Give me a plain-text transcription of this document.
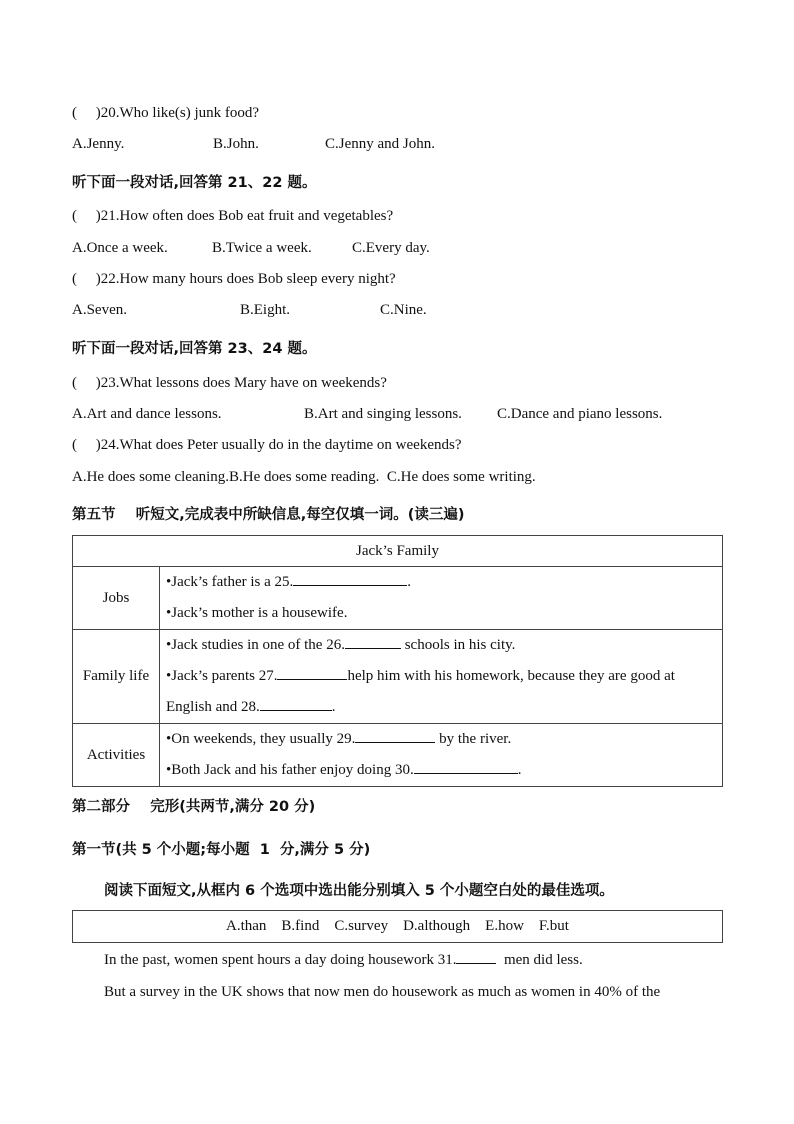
(     )20.Who like(s) junk food?
A.Jenny.	B.John.	C.Jenny and John.
听下面一段对话,回答第 21、22 题。
(     )21.How often does Bob eat fruit and vegetables?
A.Once a week.	B.Twice a week.	C.Every day.
(     )22.How many hours does Bob sleep every night?
A.Seven.	B.Eight.	C.Nine.
听下面一段对话,回答第 23、24 题。
(     )23.What lessons does Mary have on weekends?
A.Art and dance lessons.	B.Art and singing lessons. C.Dance and piano lessons.
(     )24.What does Peter usually do in the daytime on weekends?
A.He does some cleaning.B.He does some reading.  C.He does some writing.
第五节    听短文,完成表中所缺信息,每空仅填一词。(读三遍)
Jack’s Family	
Jobs	•Jack’s father is a 25. .
•Jack’s mother is a housewife.

Family life	•Jack studies in one of the 26. schools in his city.
•Jack’s parents 27. help him with his homework, because they are good at
English and 28. .

Activities	•On weekends, they usually 29. by the river.
•Both Jack and his father enjoy doing 30. .
第二部分    完形(共两节,满分 20 分)
第一节(共 5 个小题;每小题  1  分,满分 5 分)
阅读下面短文,从框内 6 个选项中选出能分别填入 5 个小题空白处的最佳选项。
A.than    B.find    C.survey    D.although    E.how    F.but
In the past, women spent hours a day doing housework 31.	men did less.
But a survey in the UK shows that now men do housework as much as women in 40% of the
